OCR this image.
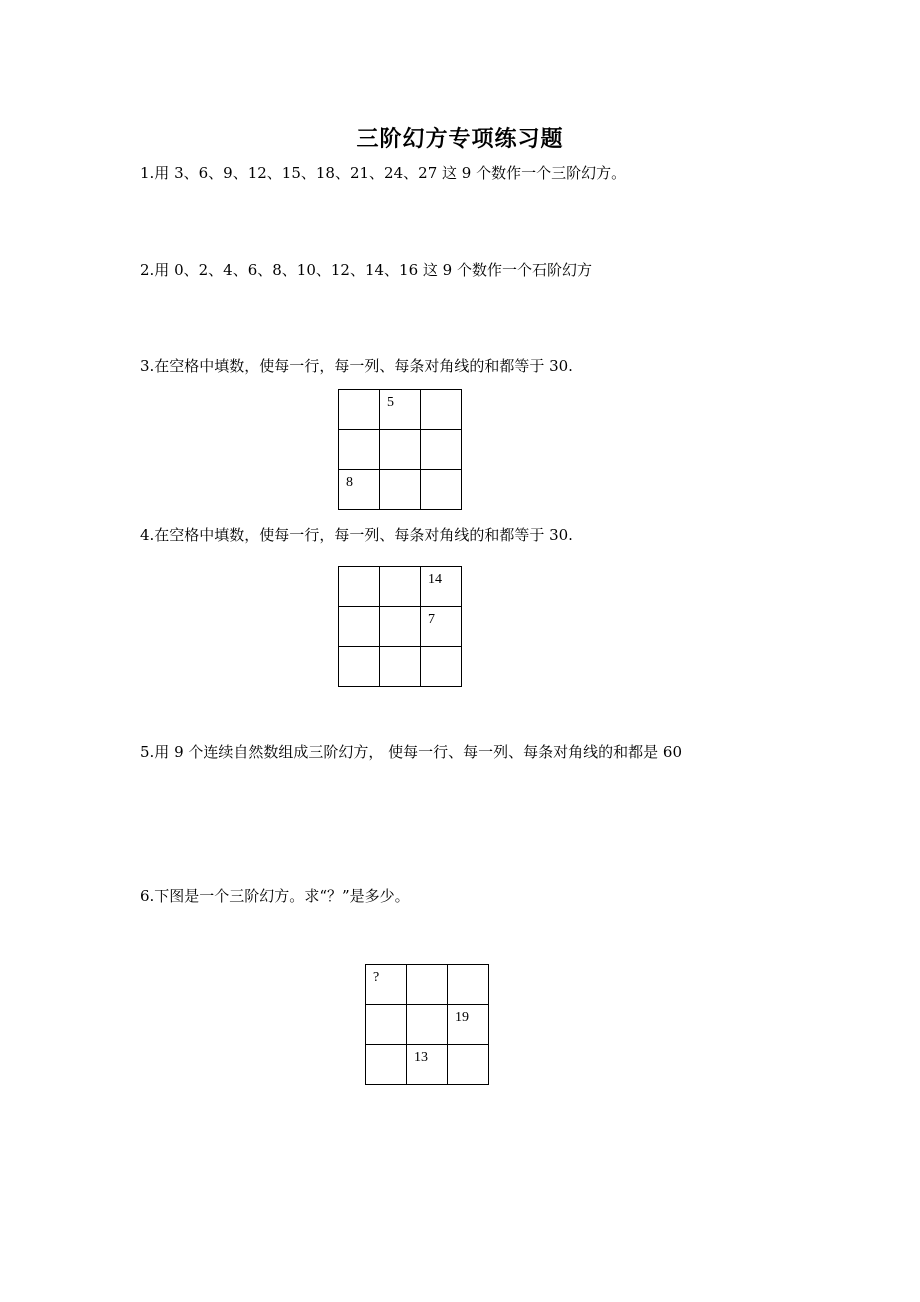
三阶幻方专项练习题
1.用 3、6、9、12、15、18、21、24、27 这 9 个数作一个三阶幻方。
2.用 0、2、4、6、8、10、12、14、16 这 9 个数作一个石阶幻方
3.在空格中填数，使每一行，每一列、每条对角线的和都等于 30.

	5	

8		

4.在空格中填数，使每一行，每一列、每条对角线的和都等于 30.

		14

		7

5.用 9 个连续自然数组成三阶幻方， 使每一行、每一列、每条对角线的和都是 60
6.下图是一个三阶幻方。求“？”是多少。
?		

		19

	13	
